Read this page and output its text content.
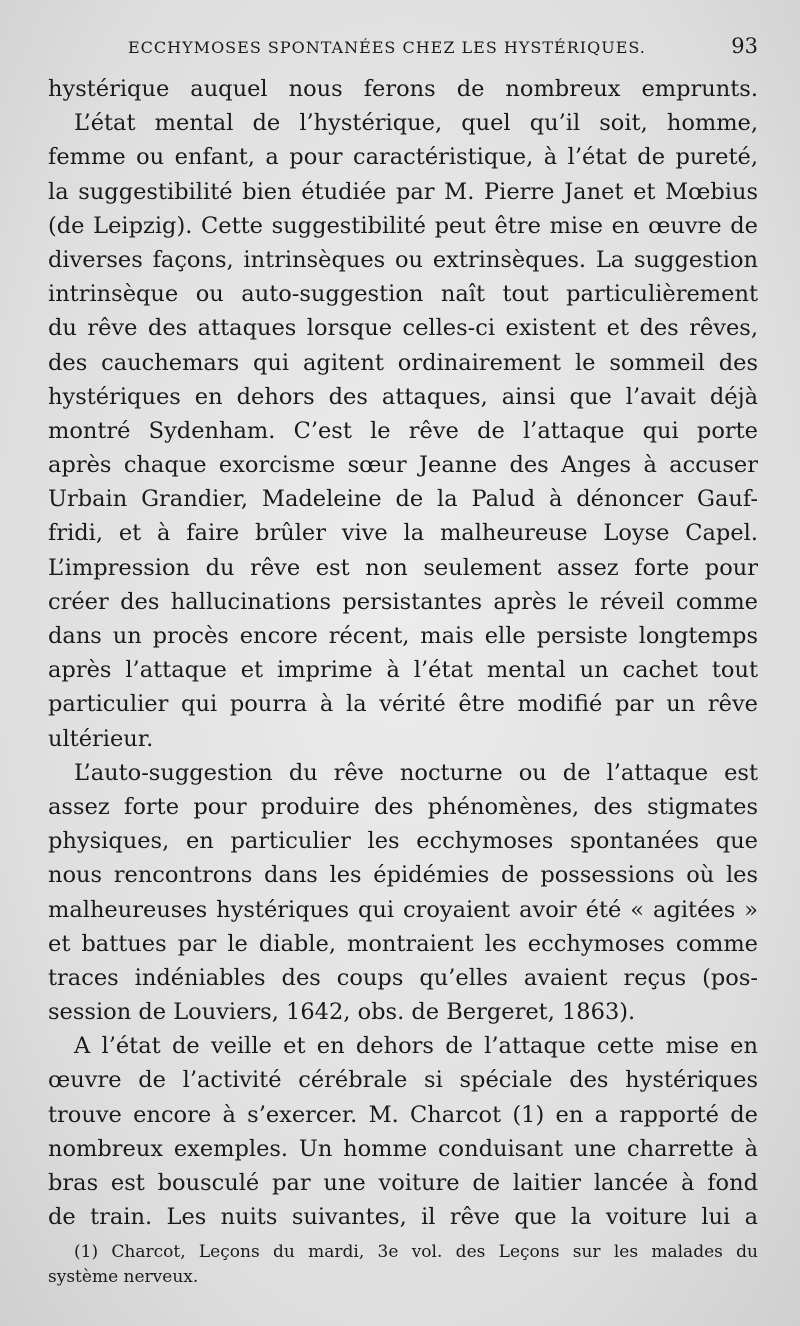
ECCHYMOSES SPONTANÉES CHEZ LES HYSTÉRIQUES.	93
hystérique auquel nous ferons de nombreux emprunts.
L’état mental de l’hystérique, quel qu’il soit, homme,
femme ou enfant, a pour caractéristique, à l’état de pureté,
la suggestibilité bien étudiée par M. Pierre Janet et Mœbius
(de Leipzig). Cette suggestibilité peut être mise en œuvre de
diverses façons, intrinsèques ou extrinsèques. La suggestion
intrinsèque ou auto-suggestion naît tout particulièrement
du rêve des attaques lorsque celles-ci existent et des rêves,
des cauchemars qui agitent ordinairement le sommeil des
hystériques en dehors des attaques, ainsi que l’avait déjà
montré Sydenham. C’est le rêve de l’attaque qui porte
après chaque exorcisme sœur Jeanne des Anges à accuser
Urbain Grandier, Madeleine de la Palud à dénoncer Gauf-
fridi, et à faire brûler vive la malheureuse Loyse Capel.
L’impression du rêve est non seulement assez forte pour
créer des hallucinations persistantes après le réveil comme
dans un procès encore récent, mais elle persiste longtemps
après l’attaque et imprime à l’état mental un cachet tout
particulier qui pourra à la vérité être modifié par un rêve
ultérieur.
L’auto-suggestion du rêve nocturne ou de l’attaque est
assez forte pour produire des phénomènes, des stigmates
physiques, en particulier les ecchymoses spontanées que
nous rencontrons dans les épidémies de possessions où les
malheureuses hystériques qui croyaient avoir été « agitées »
et battues par le diable, montraient les ecchymoses comme
traces indéniables des coups qu’elles avaient reçus (pos-
session de Louviers, 1642, obs. de Bergeret, 1863).
A l’état de veille et en dehors de l’attaque cette mise en
œuvre de l’activité cérébrale si spéciale des hystériques
trouve encore à s’exercer. M. Charcot (1) en a rapporté de
nombreux exemples. Un homme conduisant une charrette à
bras est bousculé par une voiture de laitier lancée à fond
de train. Les nuits suivantes, il rêve que la voiture lui a
(1) Charcot, Leçons du mardi, 3e vol. des Leçons sur les malades du
système nerveux.
